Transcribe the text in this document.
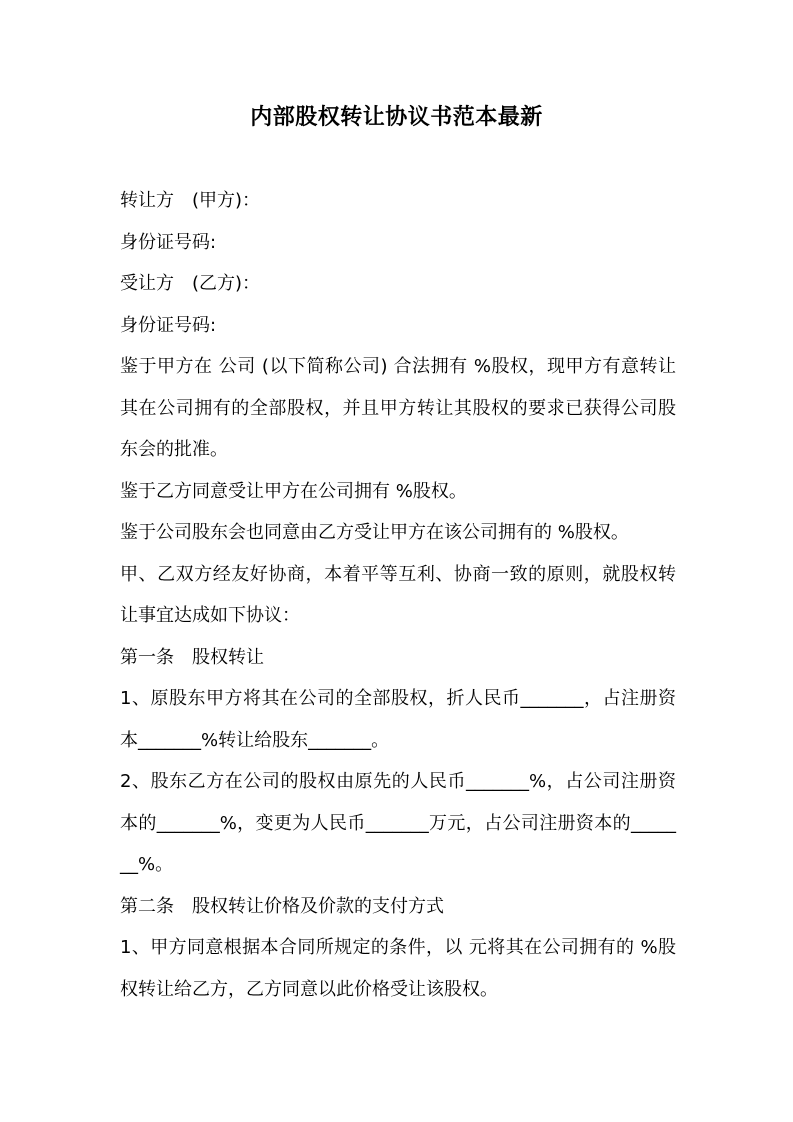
内部股权转让协议书范本最新

转让方　(甲方)：

身份证号码:

受让方　(乙方)：

身份证号码:

鉴于甲方在 公司 (以下简称公司) 合法拥有 %股权，现甲方有意转让其在公司拥有的全部股权，并且甲方转让其股权的要求已获得公司股东会的批准。

鉴于乙方同意受让甲方在公司拥有 %股权。

鉴于公司股东会也同意由乙方受让甲方在该公司拥有的 %股权。

甲、乙双方经友好协商，本着平等互利、协商一致的原则，就股权转让事宜达成如下协议：

第一条　股权转让

1、原股东甲方将其在公司的全部股权，折人民币_______，占注册资本_______%转让给股东_______。

2、股东乙方在公司的股权由原先的人民币_______%，占公司注册资本的_______%，变更为人民币_______万元，占公司注册资本的_______%。

第二条　股权转让价格及价款的支付方式

1、甲方同意根据本合同所规定的条件，以 元将其在公司拥有的 %股权转让给乙方，乙方同意以此价格受让该股权。
